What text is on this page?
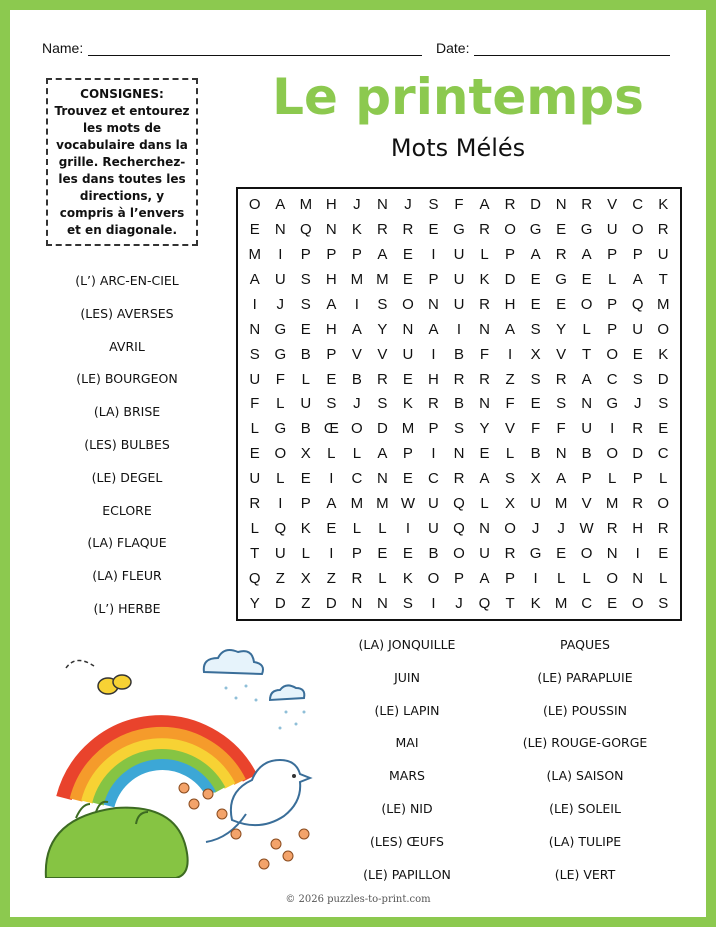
Name:	Date:
CONSIGNES:
Trouvez et entourez les mots de vocabulaire dans la grille. Recherchez-les dans toutes les directions, y compris à l’envers et en diagonale.
Le printemps
Mots Mélés
O A M H	J	N	J	S	F	A	R D N R	V	C	K
E	N Q N	K	R R	E G R O G E G U O R
M	I	P	P	P	A	E	I	U	L	P	A	R	A	P	P	U
A	U	S	H M M E	P	U	K	D	E G E	L	A	T
I	J	S	A	I	S O N U R H	E	E O P Q M
N G E	H	A	Y	N	A	I	N	A	S	Y	L	P	U O
S G B	P	V	V	U	I	B	F	I	X	V	T	O E	K
U	F	L	E	B	R	E	H R R	Z	S	R	A	C	S	D
F	L	U	S	J	S	K	R	B	N	F	E	S	N G	J	S
L	G B Œ O D M P	S	Y	V	F	F	U	I	R	E
E O X	L	L	A	P	I	N	E	L	B	N	B O D C
U	L	E	I	C N	E	C R	A	S	X	A	P	L	P	L
R	I	P	A M M W U Q	L	X	U M V M R O
L	Q K	E	L	L	I	U Q N O	J	J W R H R
T	U	L	I	P	E	E	B O U R G E O N	I	E
Q	Z	X	Z	R	L	K O P	A	P	I	L	L	O N	L
Y	D	Z	D N N	S	I	J	Q	T	K M C	E O S
(L’) ARC-EN-CIEL
(LES) AVERSES
AVRIL
(LE) BOURGEON
(LA) BRISE
(LES) BULBES
(LE) DEGEL
ECLORE
(LA) FLAQUE
(LA) FLEUR
(L’) HERBE
(LA) JONQUILLE
JUIN
(LE) LAPIN
MAI
MARS
(LE) NID
(LES) ŒUFS
(LE) PAPILLON
PAQUES
(LE) PARAPLUIE
(LE) POUSSIN
(LE) ROUGE-GORGE
(LA) SAISON
(LE) SOLEIL
(LA) TULIPE
(LE) VERT
© 2026 puzzles-to-print.com
